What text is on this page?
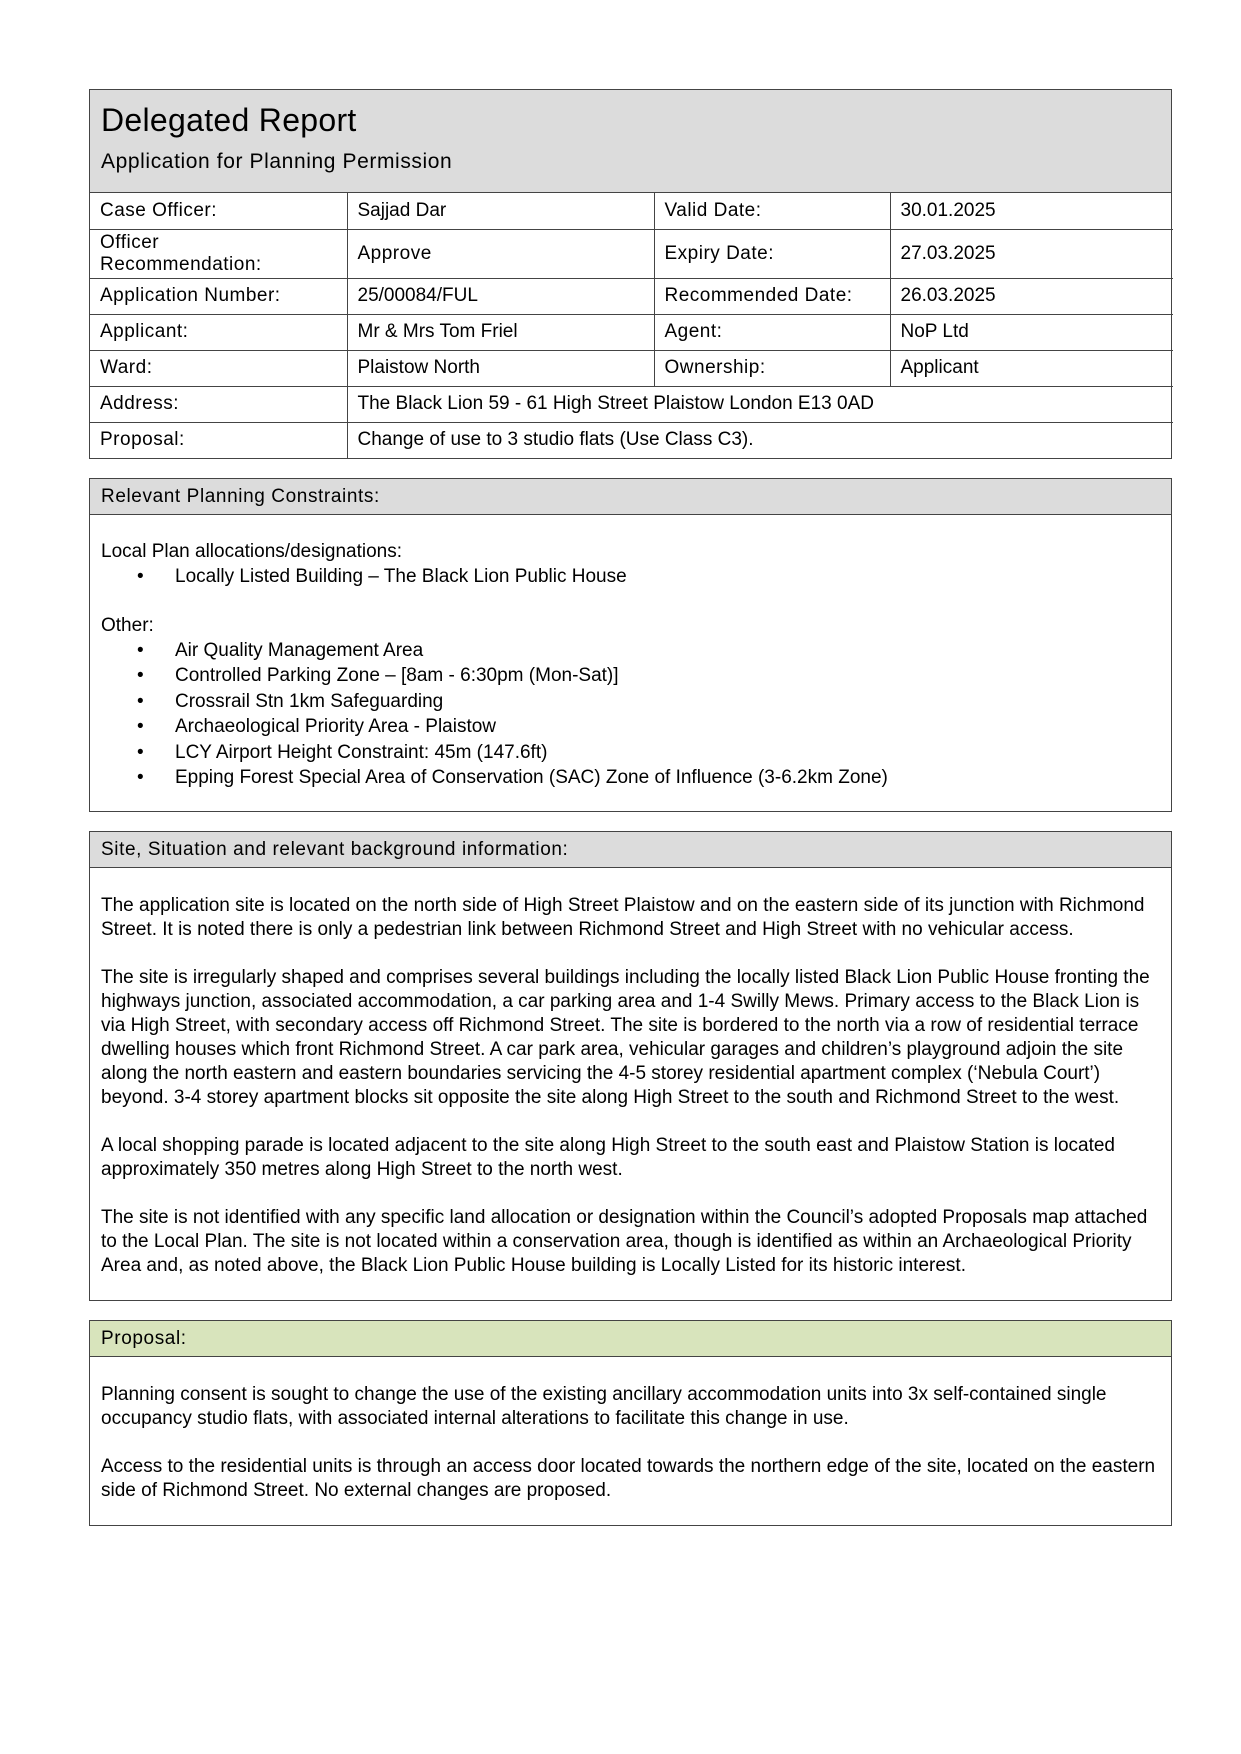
Delegated Report
Application for Planning Permission
Case Officer:	Sajjad Dar	Valid Date:	30.01.2025
Officer
Recommendation:	Approve	Expiry Date:	27.03.2025
Application Number:	25/00084/FUL	Recommended Date:	26.03.2025
Applicant:	Mr & Mrs Tom Friel	Agent:	NoP Ltd
Ward:	Plaistow North	Ownership:	Applicant
Address:	The Black Lion 59 - 61 High Street Plaistow London E13 0AD		
Proposal:	Change of use to 3 studio flats (Use Class C3).		
Relevant Planning Constraints:
Local Plan allocations/designations:
• Locally Listed Building – The Black Lion Public House
Other:
• Air Quality Management Area
• Controlled Parking Zone – [8am - 6:30pm (Mon-Sat)]
• Crossrail Stn 1km Safeguarding
• Archaeological Priority Area - Plaistow
• LCY Airport Height Constraint: 45m (147.6ft)
• Epping Forest Special Area of Conservation (SAC) Zone of Influence (3-6.2km Zone)
Site, Situation and relevant background information:

The application site is located on the north side of High Street Plaistow and on the eastern side of its junction with Richmond Street. It is noted there is only a pedestrian link between Richmond Street and High Street with no vehicular access.

The site is irregularly shaped and comprises several buildings including the locally listed Black Lion Public House fronting the highways junction, associated accommodation, a car parking area and 1-4 Swilly Mews. Primary access to the Black Lion is via High Street, with secondary access off Richmond Street. The site is bordered to the north via a row of residential terrace dwelling houses which front Richmond Street. A car park area, vehicular garages and children’s playground adjoin the site along the north eastern and eastern boundaries servicing the 4-5 storey residential apartment complex (‘Nebula Court’) beyond. 3-4 storey apartment blocks sit opposite the site along High Street to the south and Richmond Street to the west.

A local shopping parade is located adjacent to the site along High Street to the south east and Plaistow Station is located approximately 350 metres along High Street to the north west.

The site is not identified with any specific land allocation or designation within the Council’s adopted Proposals map attached to the Local Plan. The site is not located within a conservation area, though is identified as within an Archaeological Priority Area and, as noted above, the Black Lion Public House building is Locally Listed for its historic interest.

Proposal:

Planning consent is sought to change the use of the existing ancillary accommodation units into 3x self-contained single occupancy studio flats, with associated internal alterations to facilitate this change in use.

Access to the residential units is through an access door located towards the northern edge of the site, located on the eastern side of Richmond Street. No external changes are proposed.
